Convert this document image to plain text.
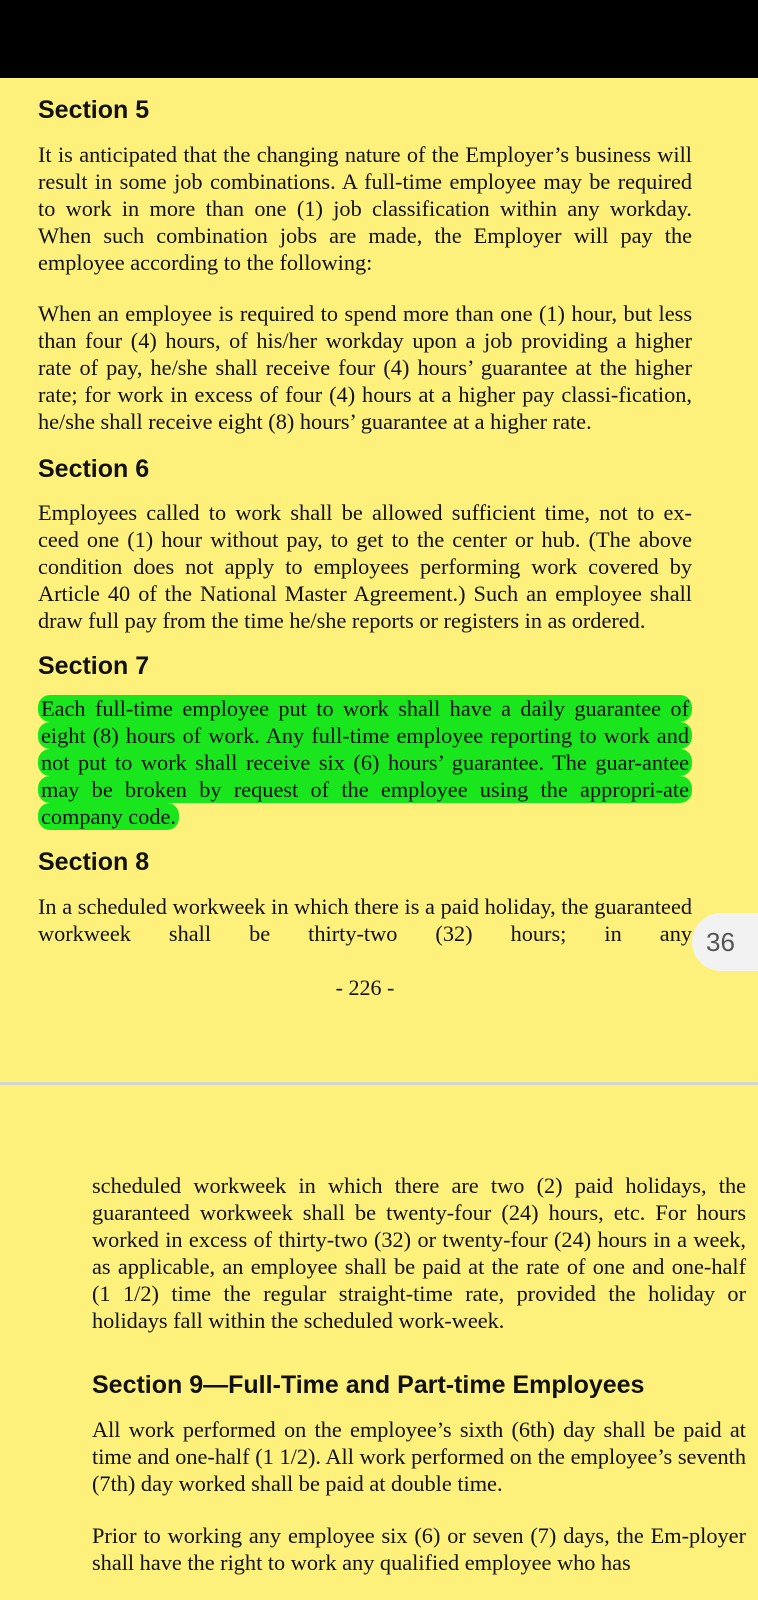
Section 5

It is anticipated that the changing nature of the Employer’s business will result in some job combinations. A full-time employee may be required to work in more than one (1) job classification within any workday. When such combination jobs are made, the Employer will pay the employee according to the following:

When an employee is required to spend more than one (1) hour, but less than four (4) hours, of his/her workday upon a job providing a higher rate of pay, he/she shall receive four (4) hours’ guarantee at the higher rate; for work in excess of four (4) hours at a higher pay classi-fication, he/she shall receive eight (8) hours’ guarantee at a higher rate.

Section 6

Employees called to work shall be allowed sufficient time, not to ex-ceed one (1) hour without pay, to get to the center or hub. (The above condition does not apply to employees performing work covered by Article 40 of the National Master Agreement.) Such an employee shall draw full pay from the time he/she reports or registers in as ordered.

Section 7

Each full-time employee put to work shall have a daily guarantee of eight (8) hours of work. Any full-time employee reporting to work and not put to work shall receive six (6) hours’ guarantee. The guar-antee may be broken by request of the employee using the appropri-ate company code.

Section 8

In a scheduled workweek in which there is a paid holiday, the guaranteed workweek shall be thirty-two (32) hours; in any

- 226 -

scheduled workweek in which there are two (2) paid holidays, the guaranteed workweek shall be twenty-four (24) hours, etc. For hours worked in excess of thirty-two (32) or twenty-four (24) hours in a week, as applicable, an employee shall be paid at the rate of one and one-half (1 1/2) time the regular straight-time rate, provided the holiday or holidays fall within the scheduled work-week.

Section 9—Full-Time and Part-time Employees

All work performed on the employee’s sixth (6th) day shall be paid at time and one-half (1 1/2). All work performed on the employee’s seventh (7th) day worked shall be paid at double time.

Prior to working any employee six (6) or seven (7) days, the Em-ployer shall have the right to work any qualified employee who has

36
